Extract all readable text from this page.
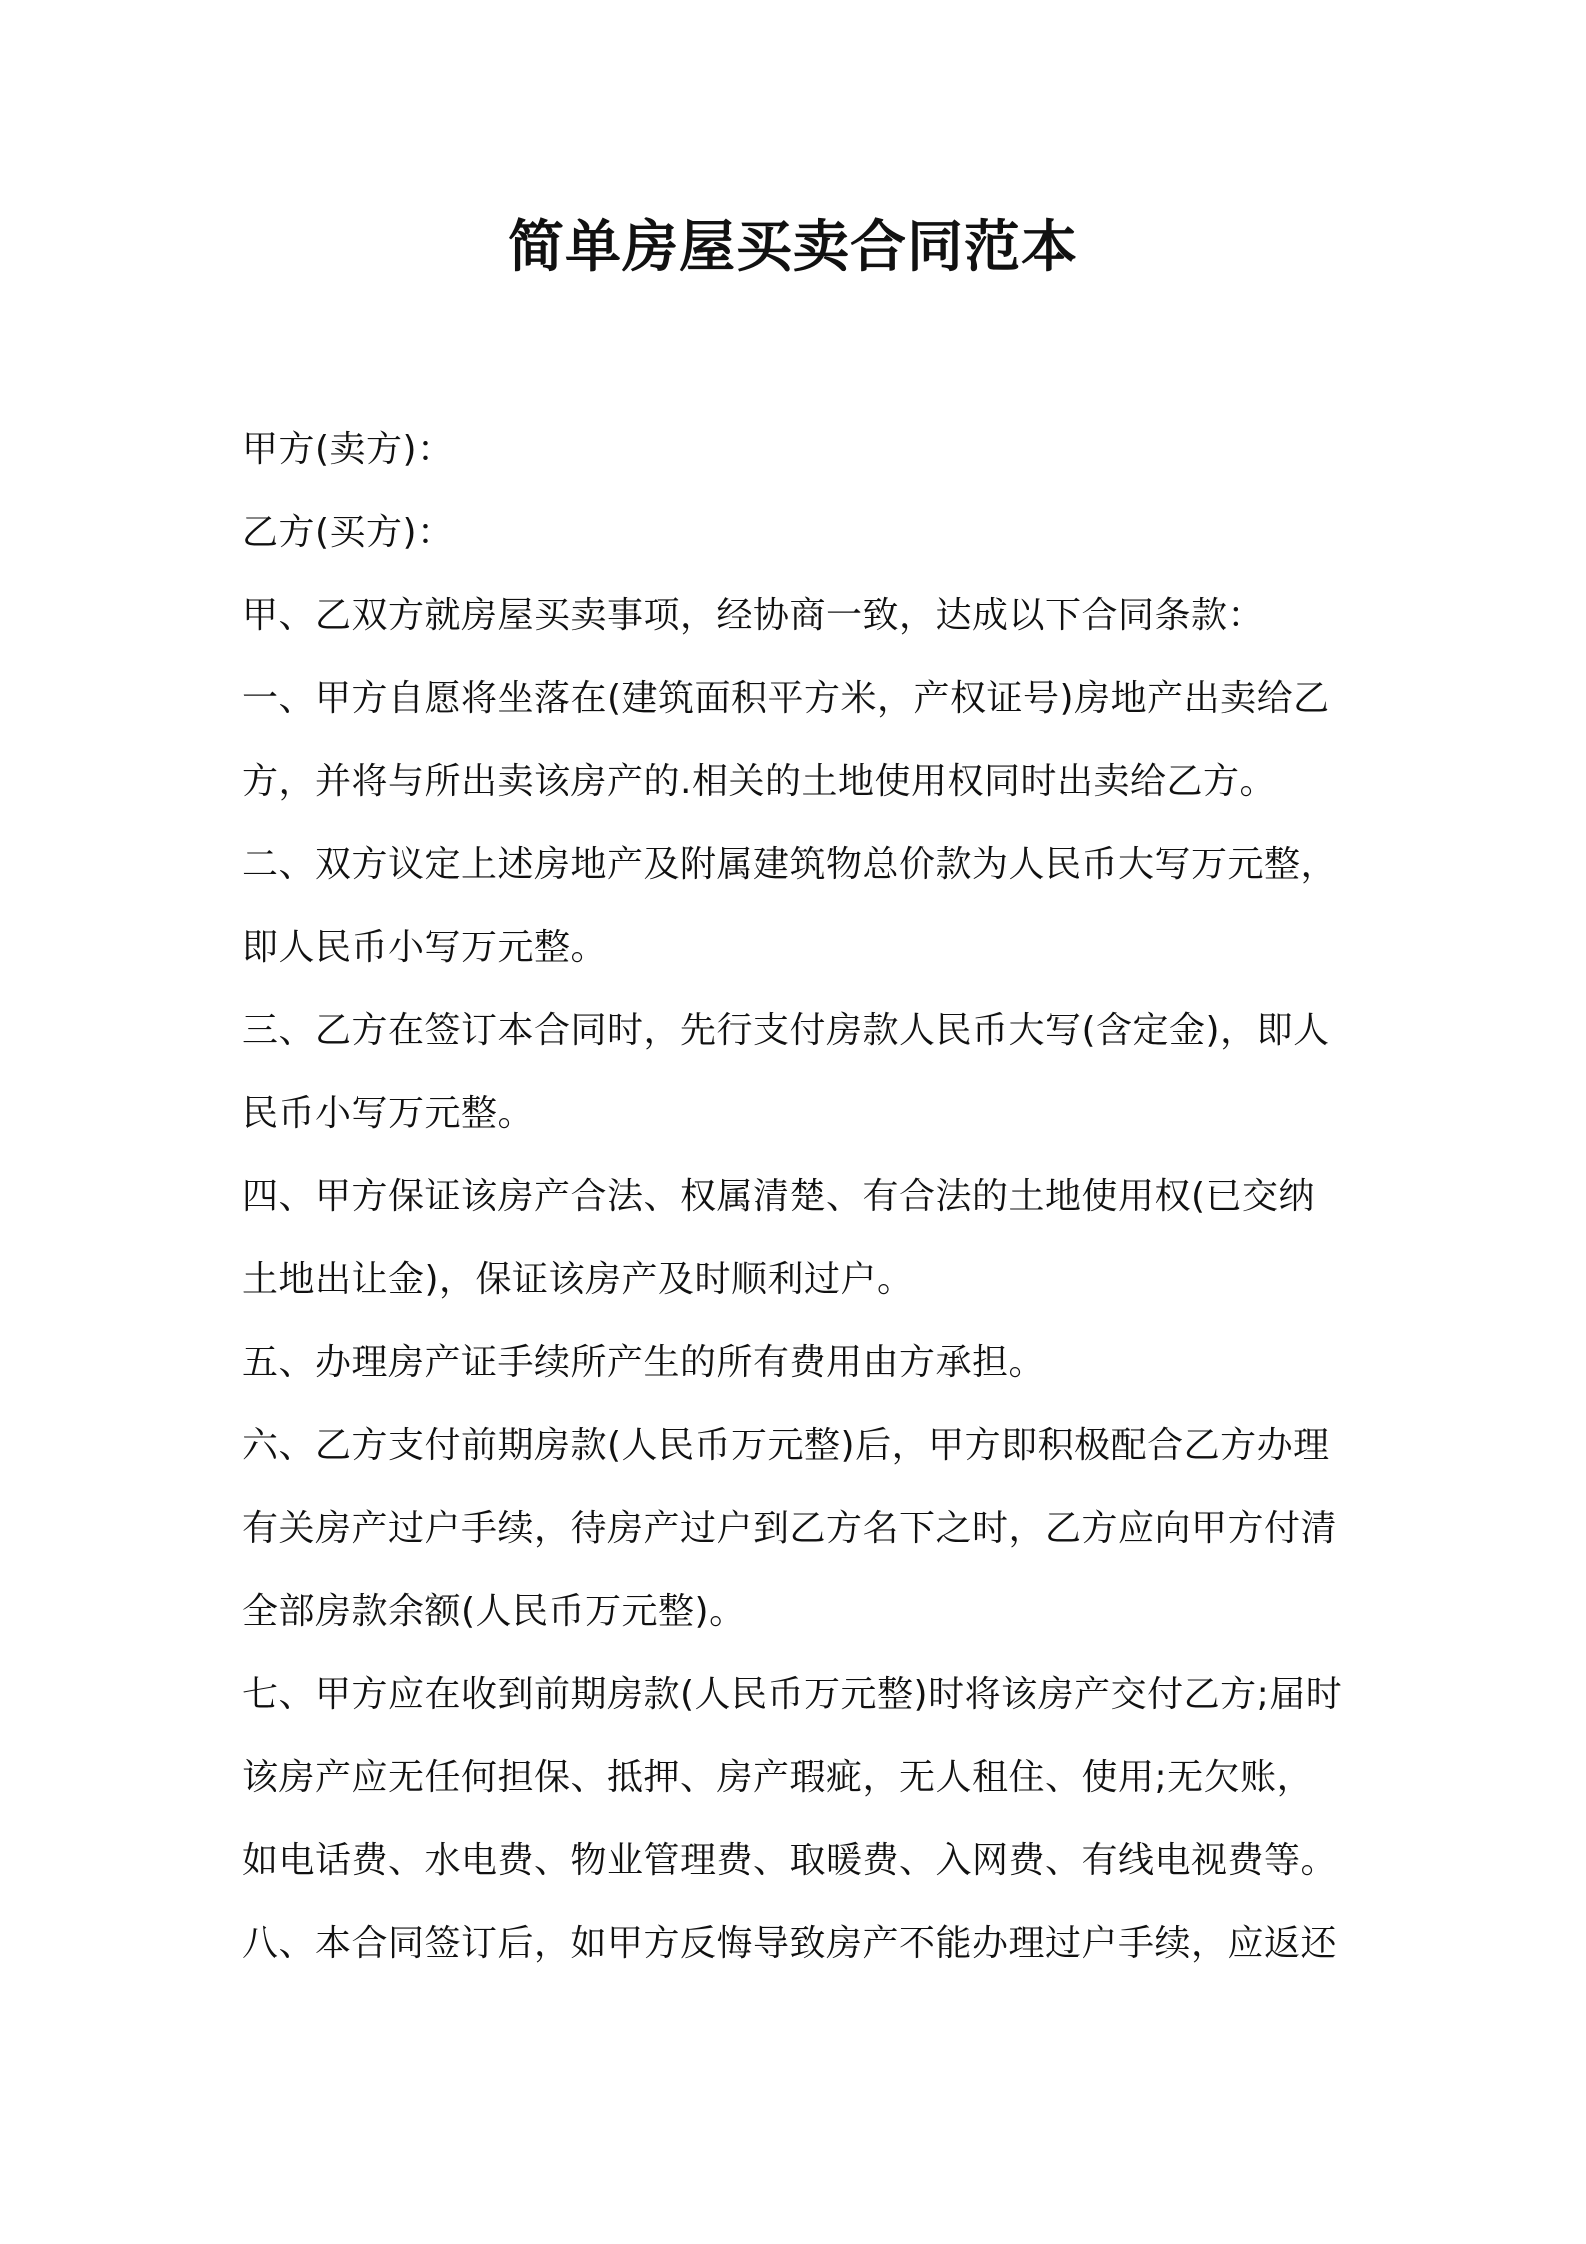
简单房屋买卖合同范本
甲方(卖方)：
乙方(买方)：
甲、乙双方就房屋买卖事项，经协商一致，达成以下合同条款：
一、甲方自愿将坐落在(建筑面积平方米，产权证号)房地产出卖给乙
方，并将与所出卖该房产的.相关的土地使用权同时出卖给乙方。
二、双方议定上述房地产及附属建筑物总价款为人民币大写万元整，
即人民币小写万元整。
三、乙方在签订本合同时，先行支付房款人民币大写(含定金)，即人
民币小写万元整。
四、甲方保证该房产合法、权属清楚、有合法的土地使用权(已交纳
土地出让金)，保证该房产及时顺利过户。
五、办理房产证手续所产生的所有费用由方承担。
六、乙方支付前期房款(人民币万元整)后，甲方即积极配合乙方办理
有关房产过户手续，待房产过户到乙方名下之时，乙方应向甲方付清
全部房款余额(人民币万元整)。
七、甲方应在收到前期房款(人民币万元整)时将该房产交付乙方;届时
该房产应无任何担保、抵押、房产瑕疵，无人租住、使用;无欠账，
如电话费、水电费、物业管理费、取暖费、入网费、有线电视费等。
八、本合同签订后，如甲方反悔导致房产不能办理过户手续，应返还
